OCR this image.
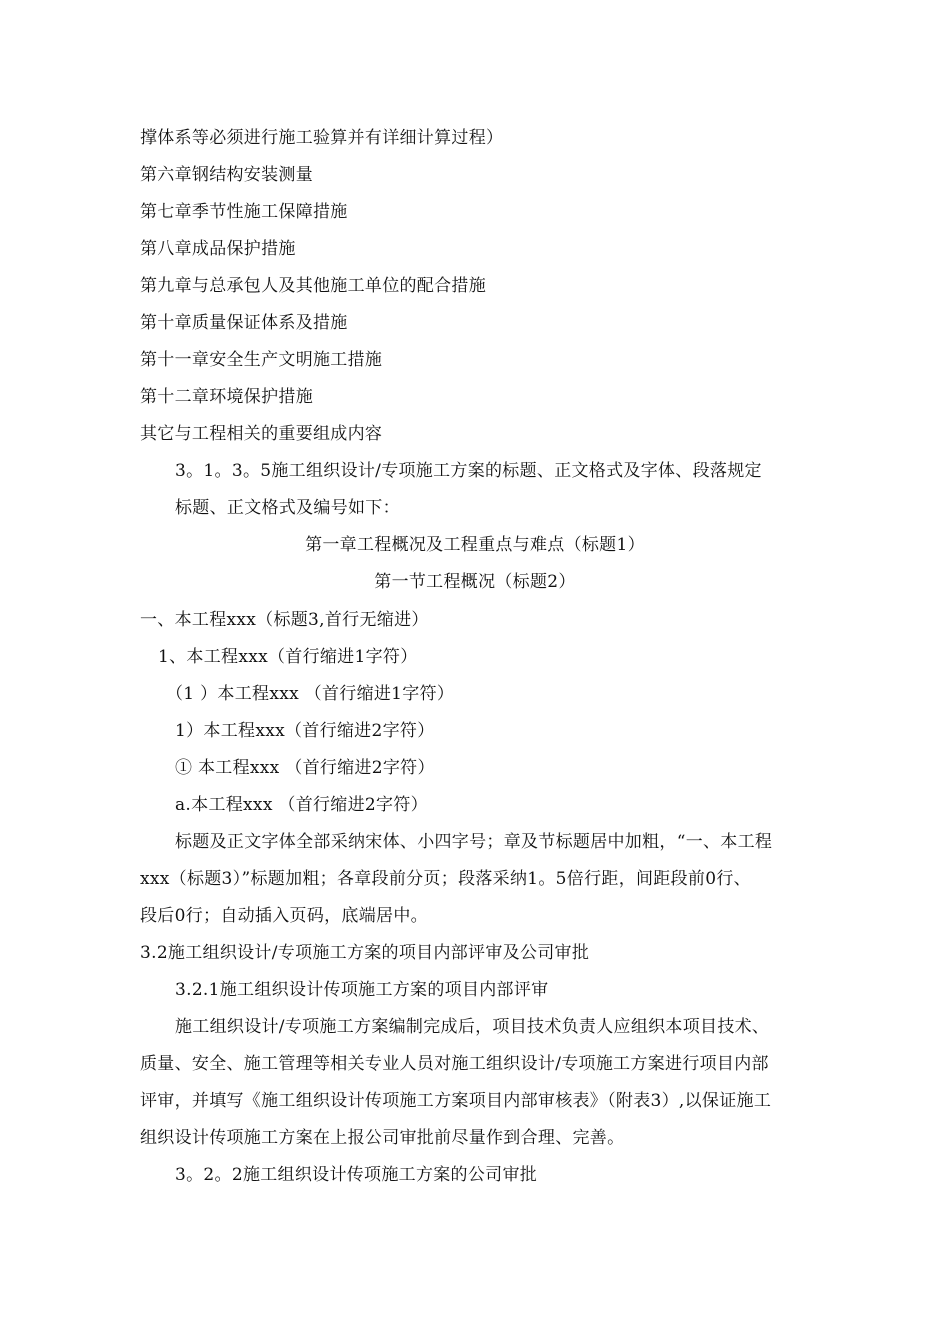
撑体系等必须进行施工验算并有详细计算过程）
第六章钢结构安装测量
第七章季节性施工保障措施
第八章成品保护措施
第九章与总承包人及其他施工单位的配合措施
第十章质量保证体系及措施
第十一章安全生产文明施工措施
第十二章环境保护措施
其它与工程相关的重要组成内容
3。1。3。5施工组织设计/专项施工方案的标题、正文格式及字体、段落规定
标题、正文格式及编号如下：
第一章工程概况及工程重点与难点（标题1）
第一节工程概况（标题2）
一、本工程xxx（标题3,首行无缩进）
1、本工程xxx（首行缩进1字符）
（1 ）本工程xxx （首行缩进1字符）
1）本工程xxx（首行缩进2字符）
① 本工程xxx （首行缩进2字符）
a.本工程xxx （首行缩进2字符）
标题及正文字体全部采纳宋体、小四字号；章及节标题居中加粗，“一、本工程
xxx（标题3）”标题加粗；各章段前分页；段落采纳1。5倍行距，间距段前0行、
段后0行；自动插入页码，底端居中。
3.2施工组织设计/专项施工方案的项目内部评审及公司审批
3.2.1施工组织设计传项施工方案的项目内部评审
施工组织设计/专项施工方案编制完成后，项目技术负责人应组织本项目技术、
质量、安全、施工管理等相关专业人员对施工组织设计/专项施工方案进行项目内部
评审，并填写《施工组织设计传项施工方案项目内部审核表》（附表3）,以保证施工
组织设计传项施工方案在上报公司审批前尽量作到合理、完善。
3。2。2施工组织设计传项施工方案的公司审批
